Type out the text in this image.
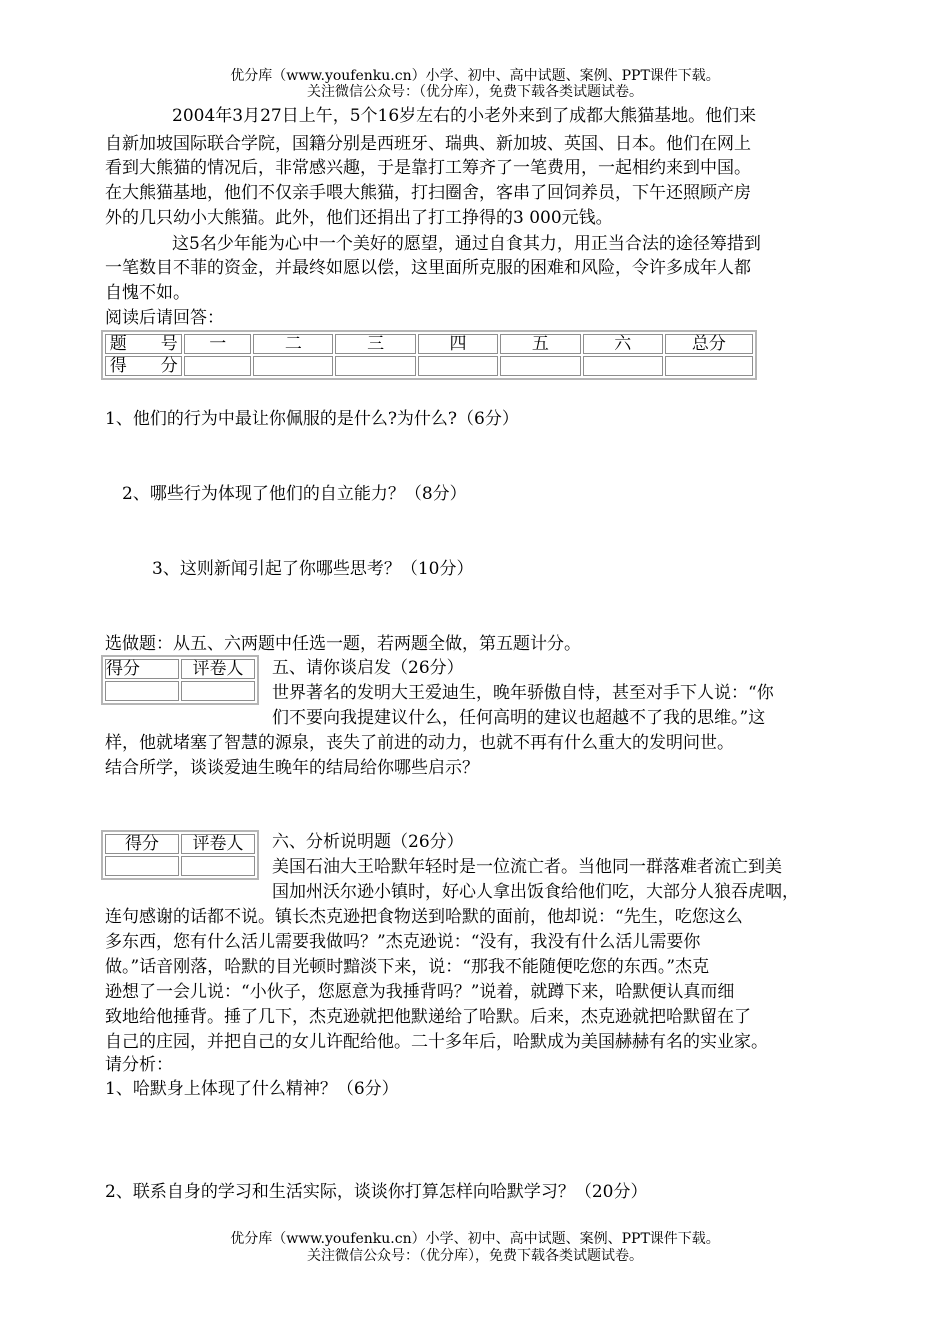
优分库（www.youfenku.cn）小学、初中、高中试题、案例、PPT课件下载。
关注微信公众号：（优分库），免费下载各类试题试卷。
2004年3月27日上午，5个16岁左右的小老外来到了成都大熊猫基地。他们来
自新加坡国际联合学院，国籍分别是西班牙、瑞典、新加坡、英国、日本。他们在网上
看到大熊猫的情况后，非常感兴趣，于是靠打工筹齐了一笔费用，一起相约来到中国。
在大熊猫基地，他们不仅亲手喂大熊猫，打扫圈舍，客串了回饲养员，下午还照顾产房
外的几只幼小大熊猫。此外，他们还捐出了打工挣得的3 000元钱。
这5名少年能为心中一个美好的愿望，通过自食其力，用正当合法的途径筹措到
一笔数目不菲的资金，并最终如愿以偿，这里面所克服的困难和风险，令许多成年人都
自愧不如。
阅读后请回答：
题　　号	一	二	三	四	五	六	总分
得　　分							
1、他们的行为中最让你佩服的是什么?为什么?（6分）
2、哪些行为体现了他们的自立能力？（8分）
3、这则新闻引起了你哪些思考？（10分）
选做题：从五、六两题中任选一题，若两题全做，第五题计分。
得分	评卷人
	五、请你谈启发（26分）
世界著名的发明大王爱迪生，晚年骄傲自恃，甚至对手下人说：“你
们不要向我提建议什么，任何高明的建议也超越不了我的思维。”这
样，他就堵塞了智慧的源泉，丧失了前进的动力，也就不再有什么重大的发明问世。
结合所学，谈谈爱迪生晚年的结局给你哪些启示？
得分	评卷人
	六、分析说明题（26分）
美国石油大王哈默年轻时是一位流亡者。当他同一群落难者流亡到美
国加州沃尔逊小镇时，好心人拿出饭食给他们吃，大部分人狼吞虎咽，
连句感谢的话都不说。镇长杰克逊把食物送到哈默的面前，他却说：“先生，吃您这么
多东西，您有什么活儿需要我做吗？”杰克逊说：“没有，我没有什么活儿需要你
做。”话音刚落，哈默的目光顿时黯淡下来，说：“那我不能随便吃您的东西。”杰克
逊想了一会儿说：“小伙子，您愿意为我捶背吗？”说着，就蹲下来，哈默便认真而细
致地给他捶背。捶了几下，杰克逊就把他默递给了哈默。后来，杰克逊就把哈默留在了
自己的庄园，并把自己的女儿许配给他。二十多年后，哈默成为美国赫赫有名的实业家。
请分析：
1、哈默身上体现了什么精神？（6分）
2、联系自身的学习和生活实际，谈谈你打算怎样向哈默学习？（20分）
优分库（www.youfenku.cn）小学、初中、高中试题、案例、PPT课件下载。
关注微信公众号：（优分库），免费下载各类试题试卷。
